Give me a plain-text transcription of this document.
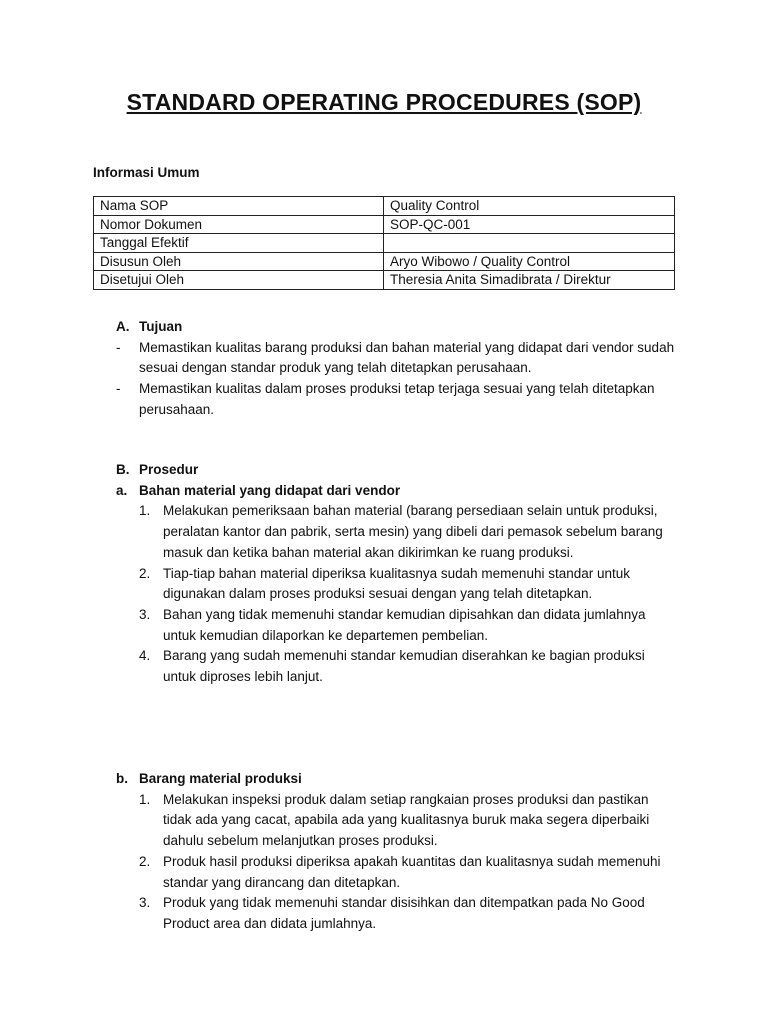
STANDARD OPERATING PROCEDURES (SOP)
Informasi Umum
Nama SOP	Quality Control
Nomor Dokumen	SOP-QC-001
Tanggal Efektif	
Disusun Oleh	Aryo Wibowo / Quality Control
Disetujui Oleh	Theresia Anita Simadibrata / Direktur
A. Tujuan
- Memastikan kualitas barang produksi dan bahan material yang didapat dari vendor sudah sesuai dengan standar produk yang telah ditetapkan perusahaan.
- Memastikan kualitas dalam proses produksi tetap terjaga sesuai yang telah ditetapkan perusahaan.
B. Prosedur
a. Bahan material yang didapat dari vendor
1. Melakukan pemeriksaan bahan material (barang persediaan selain untuk produksi, peralatan kantor dan pabrik, serta mesin) yang dibeli dari pemasok sebelum barang masuk dan ketika bahan material akan dikirimkan ke ruang produksi.
2. Tiap-tiap bahan material diperiksa kualitasnya sudah memenuhi standar untuk digunakan dalam proses produksi sesuai dengan yang telah ditetapkan.
3. Bahan yang tidak memenuhi standar kemudian dipisahkan dan didata jumlahnya untuk kemudian dilaporkan ke departemen pembelian.
4. Barang yang sudah memenuhi standar kemudian diserahkan ke bagian produksi untuk diproses lebih lanjut.
b. Barang material produksi
1. Melakukan inspeksi produk dalam setiap rangkaian proses produksi dan pastikan tidak ada yang cacat, apabila ada yang kualitasnya buruk maka segera diperbaiki dahulu sebelum melanjutkan proses produksi.
2. Produk hasil produksi diperiksa apakah kuantitas dan kualitasnya sudah memenuhi standar yang dirancang dan ditetapkan.
3. Produk yang tidak memenuhi standar disisihkan dan ditempatkan pada No Good Product area dan didata jumlahnya.
